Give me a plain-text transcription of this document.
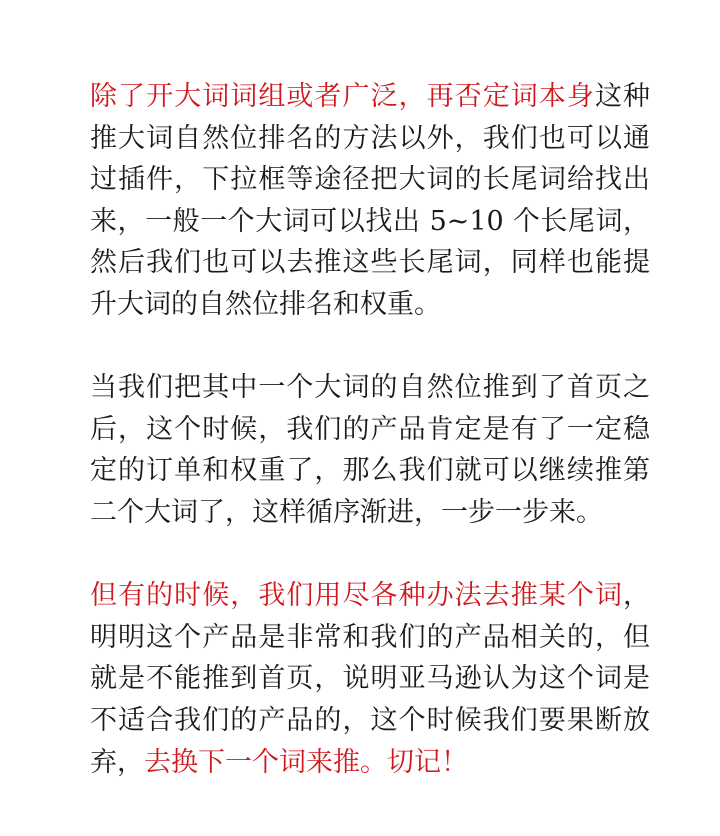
除了开大词词组或者广泛，再否定词本身这种推大词自然位排名的方法以外，我们也可以通过插件，下拉框等途径把大词的长尾词给找出来，一般一个大词可以找出 5~10 个长尾词，然后我们也可以去推这些长尾词，同样也能提升大词的自然位排名和权重。

当我们把其中一个大词的自然位推到了首页之后，这个时候，我们的产品肯定是有了一定稳定的订单和权重了，那么我们就可以继续推第二个大词了，这样循序渐进，一步一步来。

但有的时候，我们用尽各种办法去推某个词，明明这个产品是非常和我们的产品相关的，但就是不能推到首页，说明亚马逊认为这个词是不适合我们的产品的，这个时候我们要果断放弃，去换下一个词来推。切记！
